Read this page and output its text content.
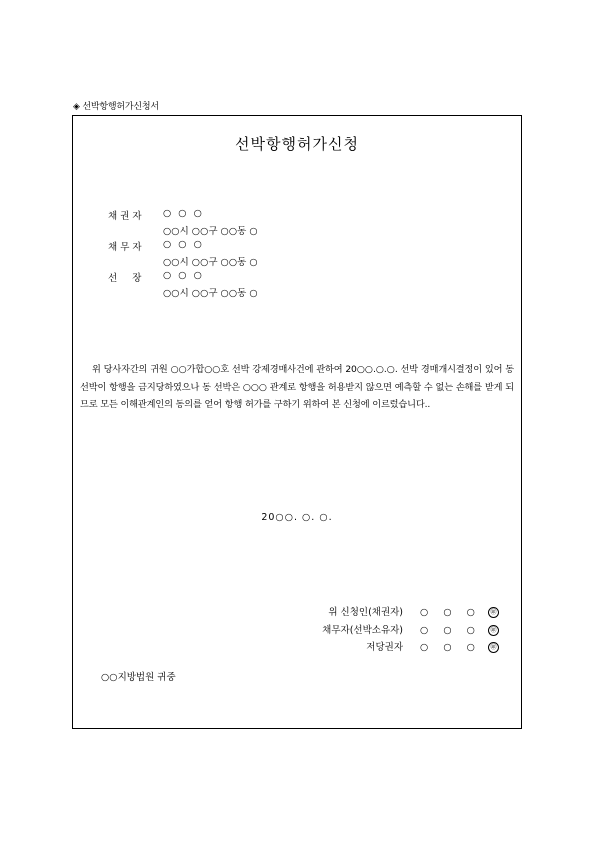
◈ 선박항행허가신청서
선박항행허가신청
채 권 자	○ ○ ○
○○시 ○○구 ○○동 ○
채 무 자	○ ○ ○
○○시 ○○구 ○○동 ○
선     장	○ ○ ○
○○시 ○○구 ○○동 ○
위 당사자간의 귀원 ○○가합○○호 선박 강제경매사건에 관하여 20○○.○.○. 선박 경매개시결정이 있어 동 선박이 항행을 금지당하였으나 동 선박은 ○○○ 관계로 항행을 허용받지 않으면 예측할 수 없는 손해를 받게 되므로 모든 이해관계인의 동의를 얻어 항행 허가를 구하기 위하여 본 신청에 이르렀습니다..
20○○. ○. ○.
위 신청인(채권자) ○ ○ ○ ㊞
채무자(선박소유자) ○ ○ ○ ㊞
저당권자 ○ ○ ○ ㊞
○○지방법원 귀중
